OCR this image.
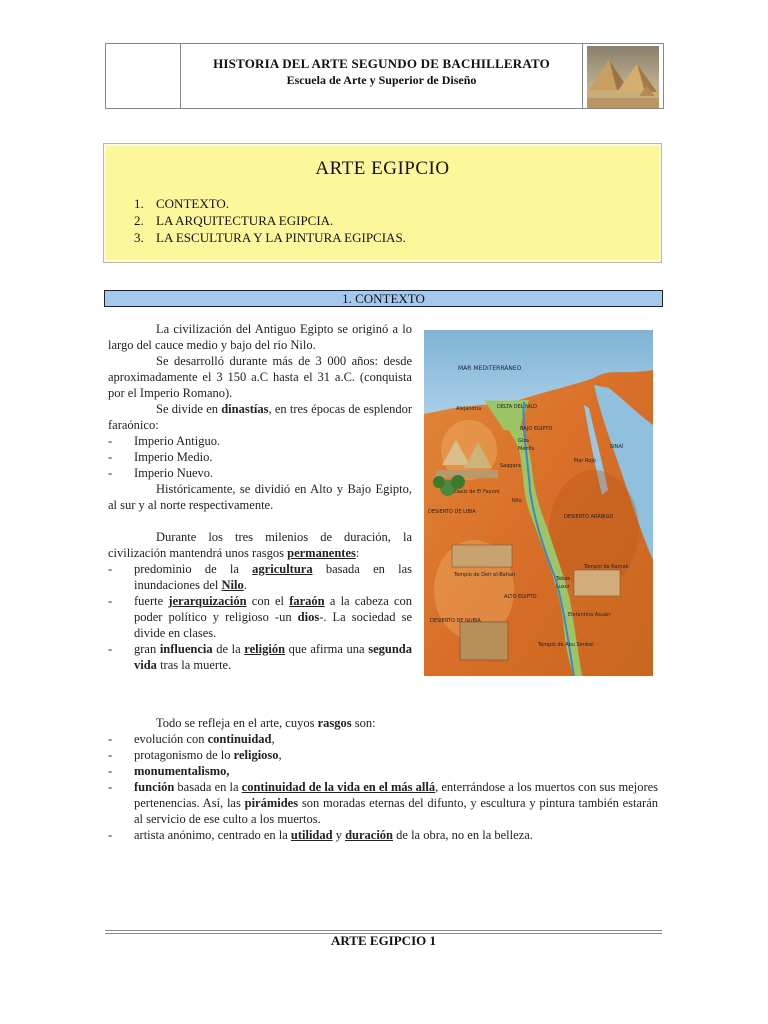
HISTORIA DEL ARTE SEGUNDO DE BACHILLERATO
Escuela de Arte y Superior de Diseño
ARTE EGIPCIO
1. CONTEXTO.
2. LA ARQUITECTURA EGIPCIA.
3. LA ESCULTURA Y LA PINTURA EGIPCIAS.
1. CONTEXTO

La civilización del Antiguo Egipto se originó a lo largo del cauce medio y bajo del río Nilo.

Se desarrolló durante más de 3 000 años: desde aproximadamente el 3 150 a.C hasta el 31 a.C. (conquista por el Imperio Romano).

Se divide en dinastías, en tres épocas de esplendor faraónico:

- Imperio Antiguo.

- Imperio Medio.

- Imperio Nuevo.

Históricamente, se dividió en Alto y Bajo Egipto, al sur y al norte respectivamente.

Durante los tres milenios de duración, la civilización mantendrá unos rasgos permanentes:

- predominio de la agricultura basada en las inundaciones del Nilo.

- fuerte jerarquización con el faraón a la cabeza con poder político y religioso -un dios-. La sociedad se divide en clases.

- gran influencia de la religión que afirma una segunda vida tras la muerte.

MAR MEDITERRÁNEO
DELTA DEL NILO
BAJO EGIPTO
Alejandría
Giza
Menfis
Saqqara
Oasis de El Fayum
DESIERTO DE LIBIA
DESIERTO ARÁBIGO
SINAÍ
Mar Rojo
Nilo
Templo de Deir el-Bahari
Templo de Karnak
Tebas
Luxor
ALTO EGIPTO
DESIERTO DE NUBIA
Elefantina Asuán
Templo de Abu Simbel

Todo se refleja en el arte, cuyos rasgos son:

- evolución con continuidad,

- protagonismo de lo religioso,

- monumentalismo,

- función basada en la continuidad de la vida en el más allá, enterrándose a los muertos con sus mejores pertenencias. Así, las pirámides son moradas eternas del difunto, y escultura y pintura también estarán al servicio de ese culto a los muertos.

- artista anónimo, centrado en la utilidad y duración de la obra, no en la belleza.

ARTE EGIPCIO 1
